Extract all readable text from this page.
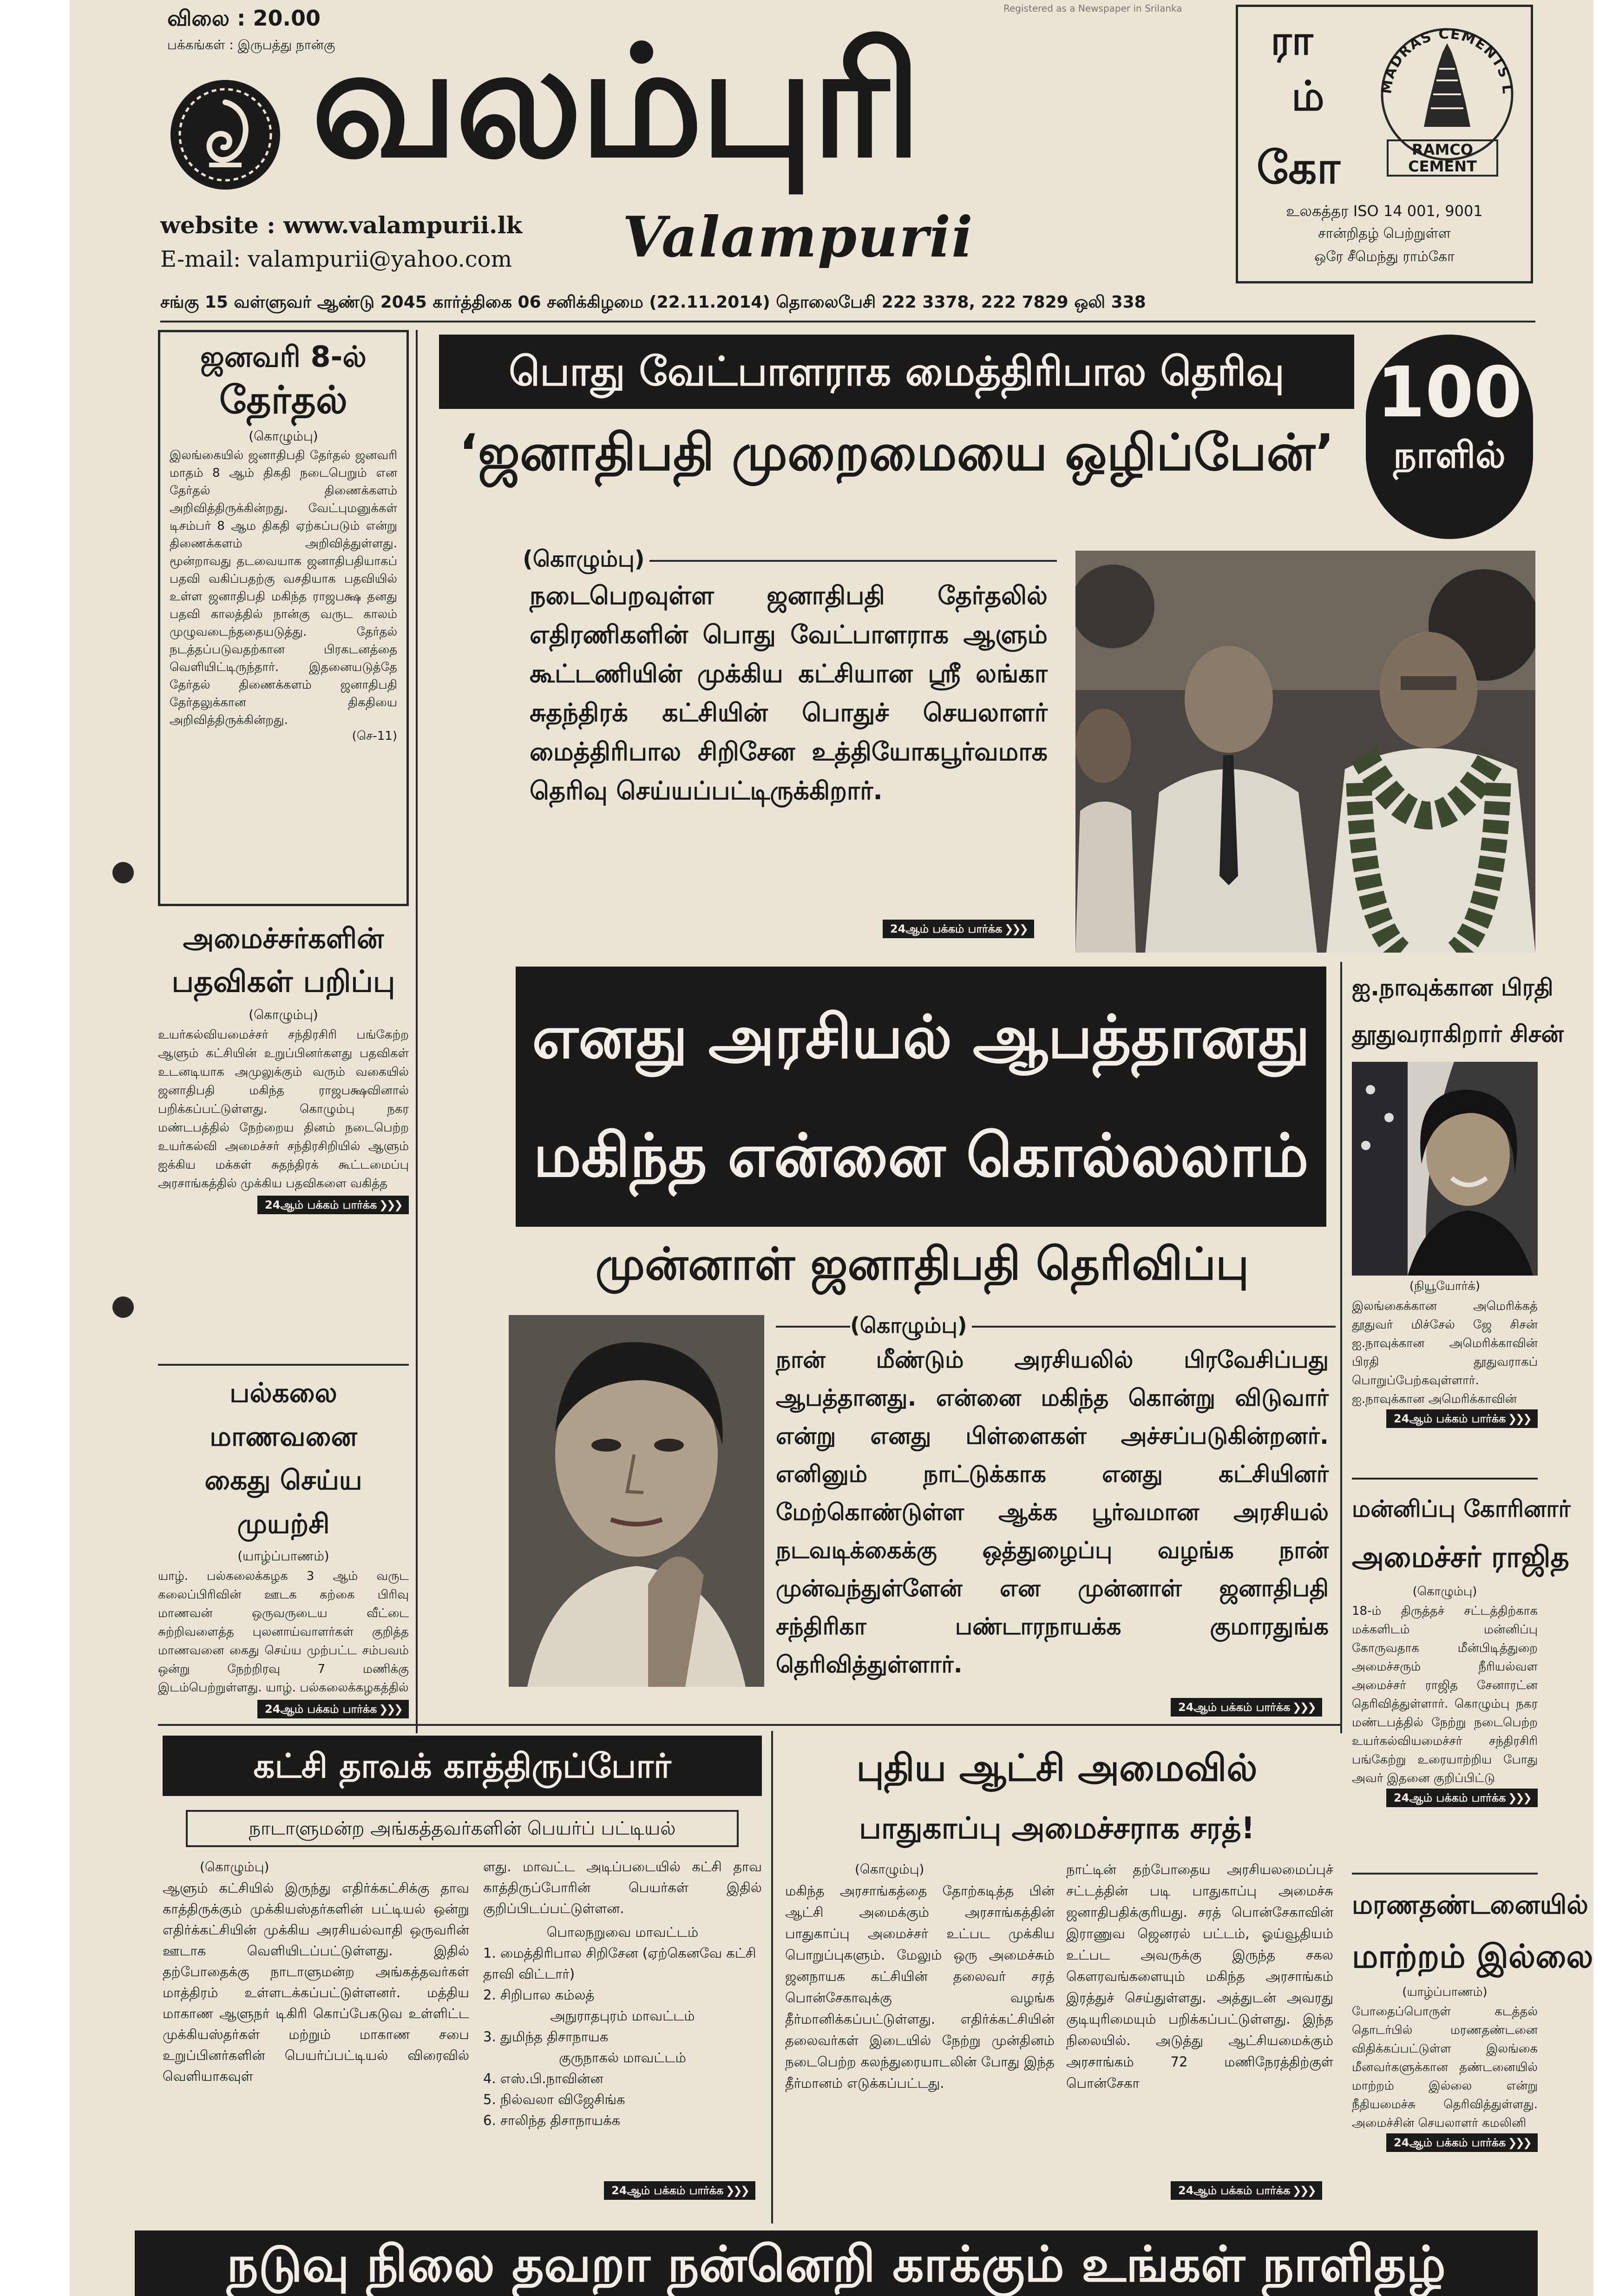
விலை : 20.00
பக்கங்கள் : இருபத்து நான்கு
Registered as a Newspaper in Srilanka
வலம்புரி
Valampurii
website : www.valampurii.lk
E-mail: valampurii@yahoo.com
ரா
ம்
கோ
MADRAS CEMENTS L
RAMCO
CEMENT
உலகத்தர ISO 14 001, 9001
சான்றிதழ் பெற்றுள்ள
ஒரே சீமெந்து ராம்கோ
சங்கு 15 வள்ளுவர் ஆண்டு 2045 கார்த்திகை 06 சனிக்கிழமை (22.11.2014) தொலைபேசி 222 3378, 222 7829 ஒலி 338
ஜனவரி 8-ல்
தேர்தல்
(கொழும்பு)
இலங்கையில் ஜனாதிபதி தேர்தல் ஜனவரி மாதம் 8 ஆம் திகதி நடைபெறும் என தேர்தல் திணைக்களம் அறிவித்திருக்கின்றது. வேட்புமனுக்கள் டிசம்பர் 8 ஆம திகதி ஏற்கப்படும் என்று திணைக்களம் அறிவித்துள்ளது. மூன்றாவது தடவையாக ஜனாதிபதியாகப் பதவி வகிப்பதற்கு வசதியாக பதவியில் உள்ள ஜனாதிபதி மகிந்த ராஜபக்ஷ தனது பதவி காலத்தில் நான்கு வருட காலம் முழுவடைந்ததையடுத்து. தேர்தல் நடத்தப்படுவதற்கான பிரகடனத்தை வெளியிட்டிருந்தார். இதனையடுத்தே தேர்தல் திணைக்களம் ஜனாதிபதி தேர்தலுக்கான திகதியை அறிவித்திருக்கின்றது.
(செ-11)
அமைச்சர்களின்
பதவிகள் பறிப்பு
(கொழும்பு)
உயர்கல்வியமைச்சர் சந்திரசிரி பங்கேற்ற ஆளும் கட்சியின் உறுப்பினர்களது பதவிகள் உடனடியாக அமுலுக்கும் வரும் வகையில் ஜனாதிபதி மகிந்த ராஜபக்ஷவினால் பறிக்கப்பட்டுள்ளது. கொழும்பு நகர மண்டபத்தில் நேற்றைய தினம் நடைபெற்ற உயர்கல்வி அமைச்சர் சந்திரசிறியில் ஆளும் ஐக்கிய மக்கள் சுதந்திரக் கூட்டமைப்பு அரசாங்கத்தில் முக்கிய பதவிகளை வகித்த
24ஆம் பக்கம் பார்க்க ❯❯❯
பல்கலை மாணவனை
கைது செய்ய முயற்சி
(யாழ்ப்பாணம்)
யாழ். பல்கலைக்கழக 3 ஆம் வருட கலைப்பிரிவின் ஊடக கற்கை பிரிவு மாணவன் ஒருவருடைய வீட்டை சுற்றிவளைத்த புலனாய்வாளர்கள் குறித்த மாணவனை கைது செய்ய முற்பட்ட சம்பவம் ஒன்று நேற்றிரவு 7 மணிக்கு இடம்பெற்றுள்ளது. யாழ். பல்கலைக்கழகத்தில்
24ஆம் பக்கம் பார்க்க ❯❯❯
பொது வேட்பாளராக மைத்திரிபால தெரிவு
‘ஜனாதிபதி முறைமையை ஒழிப்பேன்’
100
நாளில்
(கொழும்பு)
நடைபெறவுள்ள ஜனாதிபதி தேர்தலில் எதிரணிகளின் பொது வேட்பாளராக ஆளும் கூட்டணியின் முக்கிய கட்சியான ஸ்ரீ லங்கா சுதந்திரக் கட்சியின் பொதுச் செயலாளர் மைத்திரிபால சிறிசேன உத்தியோகபூர்வமாக தெரிவு செய்யப்பட்டிருக்கிறார்.
24ஆம் பக்கம் பார்க்க ❯❯❯
எனது அரசியல் ஆபத்தானது
மகிந்த என்னை கொல்லலாம்
முன்னாள் ஜனாதிபதி தெரிவிப்பு
(கொழும்பு)
நான் மீண்டும் அரசியலில் பிரவேசிப்பது ஆபத்தானது. என்னை மகிந்த கொன்று விடுவார் என்று எனது பிள்ளைகள் அச்சப்படுகின்றனர். எனினும் நாட்டுக்காக எனது கட்சியினர் மேற்கொண்டுள்ள ஆக்க பூர்வமான அரசியல் நடவடிக்கைக்கு ஒத்துழைப்பு வழங்க நான் முன்வந்துள்ளேன் என முன்னாள் ஜனாதிபதி சந்திரிகா பண்டாரநாயக்க குமாரதுங்க தெரிவித்துள்ளார்.
24ஆம் பக்கம் பார்க்க ❯❯❯
ஐ.நாவுக்கான பிரதி
தூதுவராகிறார் சிசன்
(நியூயோர்க்)
இலங்கைக்கான அமெரிக்கத் தூதுவர் மிச்சேல் ஜே சிசன் ஐ.நாவுக்கான அமெரிக்காவின் பிரதி தூதுவராகப் பொறுப்பேற்கவுள்ளார். ஐ.நாவுக்கான அமெரிக்காவின்
24ஆம் பக்கம் பார்க்க ❯❯❯
மன்னிப்பு கோரினார்
அமைச்சர் ராஜித
(கொழும்பு)
18-ம் திருத்தச் சட்டத்திற்காக மக்களிடம் மன்னிப்பு கோருவதாக மீன்பிடித்துறை அமைச்சரும் நீரியல்வள அமைச்சர் ராஜித சேனாரட்ன தெரிவித்துள்ளார். கொழும்பு நகர மண்டபத்தில் நேற்று நடைபெற்ற உயர்கல்வியமைச்சர் சந்திரசிரி பங்கேற்று உரையாற்றிய போது அவர் இதனை குறிப்பிட்டு
24ஆம் பக்கம் பார்க்க ❯❯❯
மரணதண்டனையில்
மாற்றம் இல்லை
(யாழ்ப்பாணம்)
போதைப்பொருள் கடத்தல் தொடர்பில் மரணதண்டனை விதிக்கப்பட்டுள்ள இலங்கை மீனவர்களுக்கான தண்டனையில் மாற்றம் இல்லை என்று நீதியமைச்சு தெரிவித்துள்ளது. அமைச்சின் செயலாளர் கமலினி
24ஆம் பக்கம் பார்க்க ❯❯❯
கட்சி தாவக் காத்திருப்போர்
நாடாளுமன்ற அங்கத்தவர்களின் பெயர்ப் பட்டியல்
(கொழும்பு)
ஆளும் கட்சியில் இருந்து எதிர்க்கட்சிக்கு தாவ காத்திருக்கும் முக்கியஸ்தர்களின் பட்டியல் ஒன்று எதிர்க்கட்சியின் முக்கிய அரசியல்வாதி ஒருவரின் ஊடாக வெளியிடப்பட்டுள்ளது. இதில் தற்போதைக்கு நாடாளுமன்ற அங்கத்தவர்கள் மாத்திரம் உள்ளடக்கப்பட்டுள்ளனர். மத்திய மாகாண ஆளுநர் டிகிரி கொப்பேகடுவ உள்ளிட்ட முக்கியஸ்தர்கள் மற்றும் மாகாண சபை உறுப்பினர்களின் பெயர்ப்பட்டியல் விரைவில் வெளியாகவுள்
ளது. மாவட்ட அடிப்படையில் கட்சி தாவ காத்திருப்போரின் பெயர்கள் இதில் குறிப்பிடப்பட்டுள்ளன.
பொலநறுவை மாவட்டம்
1. மைத்திரிபால சிறிசேன (ஏற்கெனவே கட்சி தாவி விட்டார்)
2. சிறிபால கம்லத்
அநுராதபுரம் மாவட்டம்
3. துமிந்த திசாநாயக
குருநாகல் மாவட்டம்
4. எஸ்.பி.நாவின்ன
5. நில்வலா விஜேசிங்க
6. சாலிந்த திசாநாயக்க
24ஆம் பக்கம் பார்க்க ❯❯❯
புதிய ஆட்சி அமைவில்
பாதுகாப்பு அமைச்சராக சரத்!
(கொழும்பு)
மகிந்த அரசாங்கத்தை தோற்கடித்த பின் ஆட்சி அமைக்கும் அரசாங்கத்தின் பாதுகாப்பு அமைச்சர் உட்பட முக்கிய பொறுப்புகளும். மேலும் ஒரு அமைச்சும் ஜனநாயக கட்சியின் தலைவர் சரத் பொன்சேகாவுக்கு வழங்க தீர்மானிக்கப்பட்டுள்ளது. எதிர்க்கட்சியின் தலைவர்கள் இடையில் நேற்று முன்தினம் நடைபெற்ற கலந்துரையாடலின் போது இந்த தீர்மானம் எடுக்கப்பட்டது.
நாட்டின் தற்போதைய அரசியலமைப்புச் சட்டத்தின் படி பாதுகாப்பு அமைச்சு ஜனாதிபதிக்குரியது. சரத் பொன்சேகாவின் இராணுவ ஜெனரல் பட்டம், ஓய்வூதியம் உட்பட அவருக்கு இருந்த சகல கௌரவங்களையும் மகிந்த அரசாங்கம் இரத்துச் செய்துள்ளது. அத்துடன் அவரது குடியுரிமையும் பறிக்கப்பட்டுள்ளது. இந்த நிலையில். அடுத்து ஆட்சியமைக்கும் அரசாங்கம் 72 மணிநேரத்திற்குள் பொன்சேகா
24ஆம் பக்கம் பார்க்க ❯❯❯
நடுவு நிலை தவறா நன்னெறி காக்கும் உங்கள் நாளிதழ்
